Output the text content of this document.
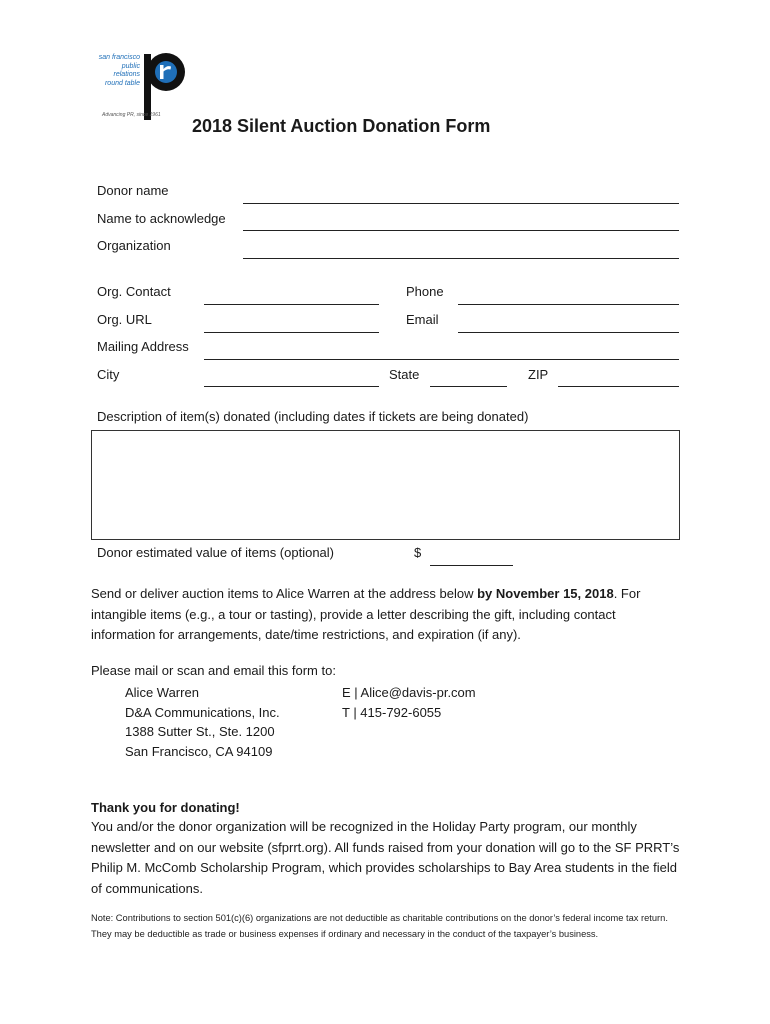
san francisco
public
relations
round table
Advancing PR, since 1961
2018 Silent Auction Donation Form
Donor name
Name to acknowledge
Organization
Org. Contact	Phone
Org. URL	Email
Mailing Address
City	State	ZIP
Description of item(s) donated (including dates if tickets are being donated)
Donor estimated value of items (optional)	$
Send or deliver auction items to Alice Warren at the address below by November 15, 2018. For intangible items (e.g., a tour or tasting), provide a letter describing the gift, including contact information for arrangements, date/time restrictions, and expiration (if any).
Please mail or scan and email this form to:
Alice Warren
D&A Communications, Inc.
1388 Sutter St., Ste. 1200
San Francisco, CA 94109
E | Alice@davis-pr.com
T | 415-792-6055
Thank you for donating!
You and/or the donor organization will be recognized in the Holiday Party program, our monthly newsletter and on our website (sfprrt.org). All funds raised from your donation will go to the SF PRRT’s Philip M. McComb Scholarship Program, which provides scholarships to Bay Area students in the field of communications.
Note: Contributions to section 501(c)(6) organizations are not deductible as charitable contributions on the donor’s federal income tax return. They may be deductible as trade or business expenses if ordinary and necessary in the conduct of the taxpayer’s business.
